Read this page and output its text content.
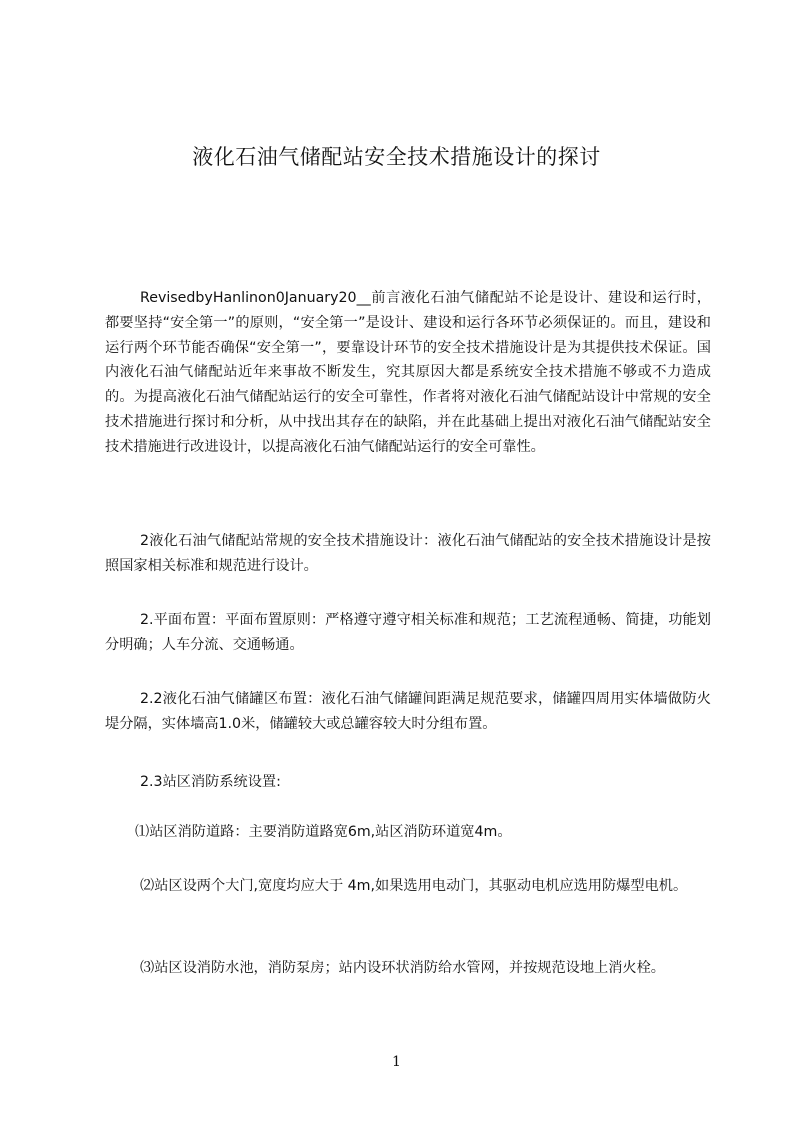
液化石油气储配站安全技术措施设计的探讨
RevisedbyHanlinon0January20__前言液化石油气储配站不论是设计、建设和运行时，都要坚持“安全第一”的原则，“安全第一”是设计、建设和运行各环节必须保证的。而且，建设和运行两个环节能否确保“安全第一”，要靠设计环节的安全技术措施设计是为其提供技术保证。国内液化石油气储配站近年来事故不断发生，究其原因大都是系统安全技术措施不够或不力造成的。为提高液化石油气储配站运行的安全可靠性，作者将对液化石油气储配站设计中常规的安全技术措施进行探讨和分析，从中找出其存在的缺陷，并在此基础上提出对液化石油气储配站安全技术措施进行改进设计，以提高液化石油气储配站运行的安全可靠性。
2液化石油气储配站常规的安全技术措施设计：液化石油气储配站的安全技术措施设计是按照国家相关标准和规范进行设计。
2.平面布置：平面布置原则：严格遵守遵守相关标准和规范；工艺流程通畅、简捷，功能划分明确；人车分流、交通畅通。
2.2液化石油气储罐区布置：液化石油气储罐间距满足规范要求，储罐四周用实体墙做防火堤分隔，实体墙高1.0米，储罐较大或总罐容较大时分组布置。
2.3站区消防系统设置:
⑴站区消防道路：主要消防道路宽6m,站区消防环道宽4m。
⑵站区设两个大门,宽度均应大于 4m,如果选用电动门，其驱动电机应选用防爆型电机。
⑶站区设消防水池，消防泵房；站内设环状消防给水管网，并按规范设地上消火栓。
1
